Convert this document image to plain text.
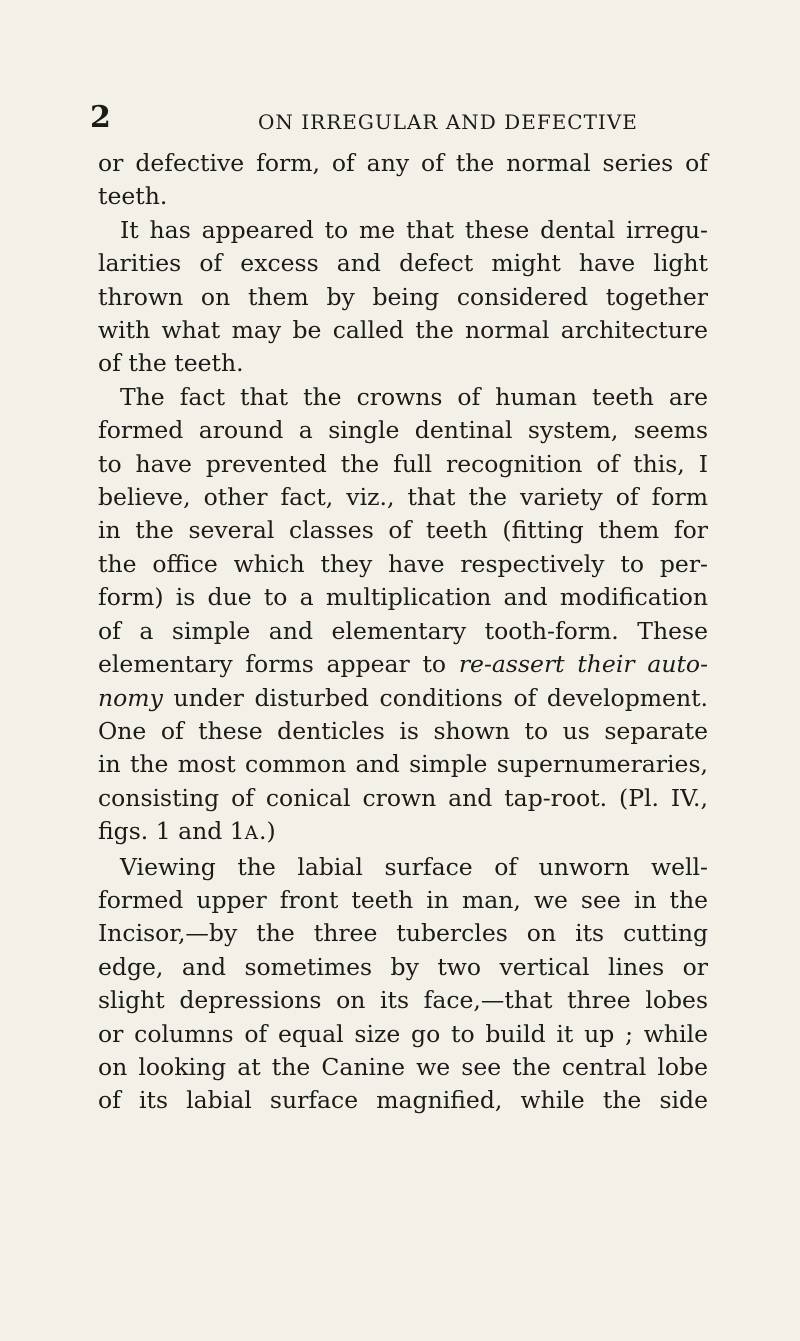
2	ON IRREGULAR AND DEFECTIVE

or defective form, of any of the normal series of
teeth.

It has appeared to me that these dental irregu-
larities of excess and defect might have light
thrown on them by being considered together
with what may be called the normal architecture
of the teeth.

The fact that the crowns of human teeth are
formed around a single dentinal system, seems
to have prevented the full recognition of this, I
believe, other fact, viz., that the variety of form
in the several classes of teeth (fitting them for
the office which they have respectively to per-
form) is due to a multiplication and modification
of a simple and elementary tooth-form. These
elementary forms appear to re-assert their auto-
nomy under disturbed conditions of development.
One of these denticles is shown to us separate
in the most common and simple supernumeraries,
consisting of conical crown and tap-root. (Pl. IV.,
figs. 1 and 1A.)

Viewing the labial surface of unworn well-
formed upper front teeth in man, we see in the
Incisor,—by the three tubercles on its cutting
edge, and sometimes by two vertical lines or
slight depressions on its face,—that three lobes
or columns of equal size go to build it up ; while
on looking at the Canine we see the central lobe
of its labial surface magnified, while the side
